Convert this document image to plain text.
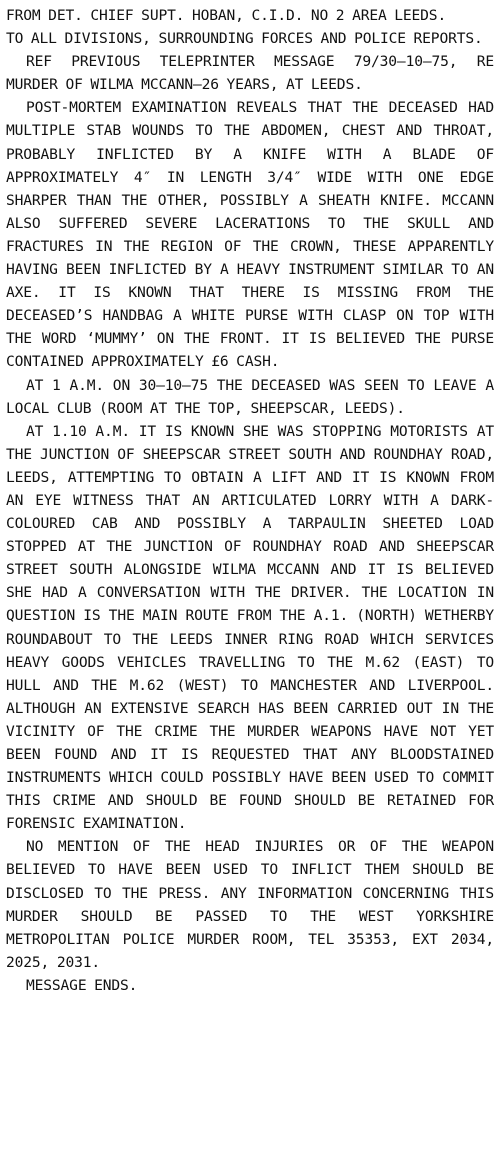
FROM DET. CHIEF SUPT. HOBAN, C.I.D. NO 2 AREA LEEDS.

TO ALL DIVISIONS, SURROUNDING FORCES AND POLICE REPORTS.

REF PREVIOUS TELEPRINTER MESSAGE 79/30—10—75, RE MURDER OF WILMA MCCANN—26 YEARS, AT LEEDS.

POST-MORTEM EXAMINATION REVEALS THAT THE DECEASED HAD MULTIPLE STAB WOUNDS TO THE ABDOMEN, CHEST AND THROAT, PROBABLY INFLICTED BY A KNIFE WITH A BLADE OF APPROXIMATELY 4″ IN LENGTH 3/4″ WIDE WITH ONE EDGE SHARPER THAN THE OTHER, POSSIBLY A SHEATH KNIFE. MCCANN ALSO SUFFERED SEVERE LACERATIONS TO THE SKULL AND FRACTURES IN THE REGION OF THE CROWN, THESE APPARENTLY HAVING BEEN INFLICTED BY A HEAVY INSTRUMENT SIMILAR TO AN AXE. IT IS KNOWN THAT THERE IS MISSING FROM THE DECEASED’S HANDBAG A WHITE PURSE WITH CLASP ON TOP WITH THE WORD ‘MUMMY’ ON THE FRONT. IT IS BELIEVED THE PURSE CONTAINED APPROXIMATELY £6 CASH.

AT 1 A.M. ON 30—10—75 THE DECEASED WAS SEEN TO LEAVE A LOCAL CLUB (ROOM AT THE TOP, SHEEPSCAR, LEEDS).

AT 1.10 A.M. IT IS KNOWN SHE WAS STOPPING MOTORISTS AT THE JUNCTION OF SHEEPSCAR STREET SOUTH AND ROUNDHAY ROAD, LEEDS, ATTEMPTING TO OBTAIN A LIFT AND IT IS KNOWN FROM AN EYE WITNESS THAT AN ARTICULATED LORRY WITH A DARK-COLOURED CAB AND POSSIBLY A TARPAULIN SHEETED LOAD STOPPED AT THE JUNCTION OF ROUNDHAY ROAD AND SHEEPSCAR STREET SOUTH ALONGSIDE WILMA MCCANN AND IT IS BELIEVED SHE HAD A CONVERSATION WITH THE DRIVER. THE LOCATION IN QUESTION IS THE MAIN ROUTE FROM THE A.1. (NORTH) WETHERBY ROUNDABOUT TO THE LEEDS INNER RING ROAD WHICH SERVICES HEAVY GOODS VEHICLES TRAVELLING TO THE M.62 (EAST) TO HULL AND THE M.62 (WEST) TO MANCHESTER AND LIVERPOOL. ALTHOUGH AN EXTENSIVE SEARCH HAS BEEN CARRIED OUT IN THE VICINITY OF THE CRIME THE MURDER WEAPONS HAVE NOT YET BEEN FOUND AND IT IS REQUESTED THAT ANY BLOODSTAINED INSTRUMENTS WHICH COULD POSSIBLY HAVE BEEN USED TO COMMIT THIS CRIME AND SHOULD BE FOUND SHOULD BE RETAINED FOR FORENSIC EXAMINATION.

NO MENTION OF THE HEAD INJURIES OR OF THE WEAPON BELIEVED TO HAVE BEEN USED TO INFLICT THEM SHOULD BE DISCLOSED TO THE PRESS. ANY INFORMATION CONCERNING THIS MURDER SHOULD BE PASSED TO THE WEST YORKSHIRE METROPOLITAN POLICE MURDER ROOM, TEL 35353, EXT 2034, 2025, 2031.

MESSAGE ENDS.
